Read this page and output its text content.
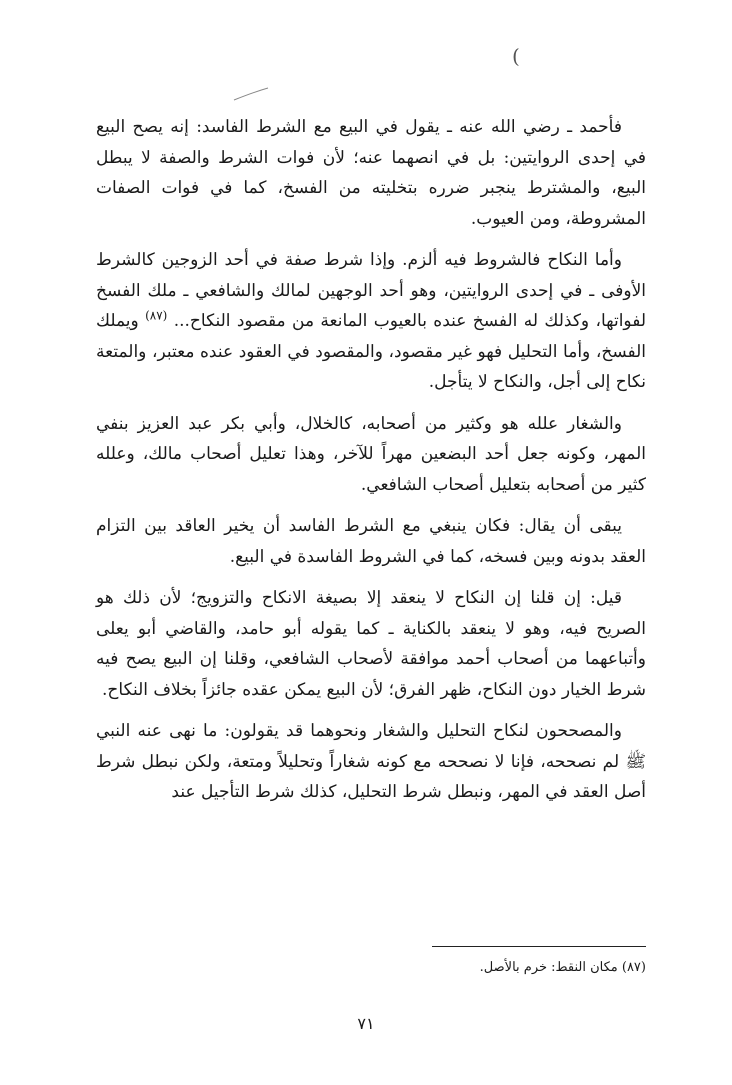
(

فأحمد ـ رضي الله عنه ـ يقول في البيع مع الشرط الفاسد: إنه يصح البيع في إحدى الروايتين: بل في انصهما عنه؛ لأن فوات الشرط والصفة لا يبطل البيع، والمشترط ينجبر ضرره بتخليته من الفسخ، كما في فوات الصفات المشروطة، ومن العيوب.

وأما النكاح فالشروط فيه ألزم. وإذا شرط صفة في أحد الزوجين كالشرط الأوفى ـ في إحدى الروايتين، وهو أحد الوجهين لمالك والشافعي ـ ملك الفسخ لفواتها، وكذلك له الفسخ عنده بالعيوب المانعة من مقصود النكاح... $^{(٨٧)}$ ويملك الفسخ، وأما التحليل فهو غير مقصود، والمقصود في العقود عنده معتبر، والمتعة نكاح إلى أجل، والنكاح لا يتأجل.

والشغار علله هو وكثير من أصحابه، كالخلال، وأبي بكر عبد العزيز بنفي المهر، وكونه جعل أحد البضعين مهراً للآخر، وهذا تعليل أصحاب مالك، وعلله كثير من أصحابه بتعليل أصحاب الشافعي.

يبقى أن يقال: فكان ينبغي مع الشرط الفاسد أن يخير العاقد بين التزام العقد بدونه وبين فسخه، كما في الشروط الفاسدة في البيع.

قيل: إن قلنا إن النكاح لا ينعقد إلا بصيغة الانكاح والتزويج؛ لأن ذلك هو الصريح فيه، وهو لا ينعقد بالكناية ـ كما يقوله أبو حامد، والقاضي أبو يعلى وأتباعهما من أصحاب أحمد موافقة لأصحاب الشافعي، وقلنا إن البيع يصح فيه شرط الخيار دون النكاح، ظهر الفرق؛ لأن البيع يمكن عقده جائزاً بخلاف النكاح.

والمصححون لنكاح التحليل والشغار ونحوهما قد يقولون: ما نهى عنه النبي ﷺ لم نصححه، فإنا لا نصححه مع كونه شغاراً وتحليلاً ومتعة، ولكن نبطل شرط أصل العقد في المهر، ونبطل شرط التحليل، كذلك شرط التأجيل عند

(٨٧) مكان النقط: خرم بالأصل.
٧١
